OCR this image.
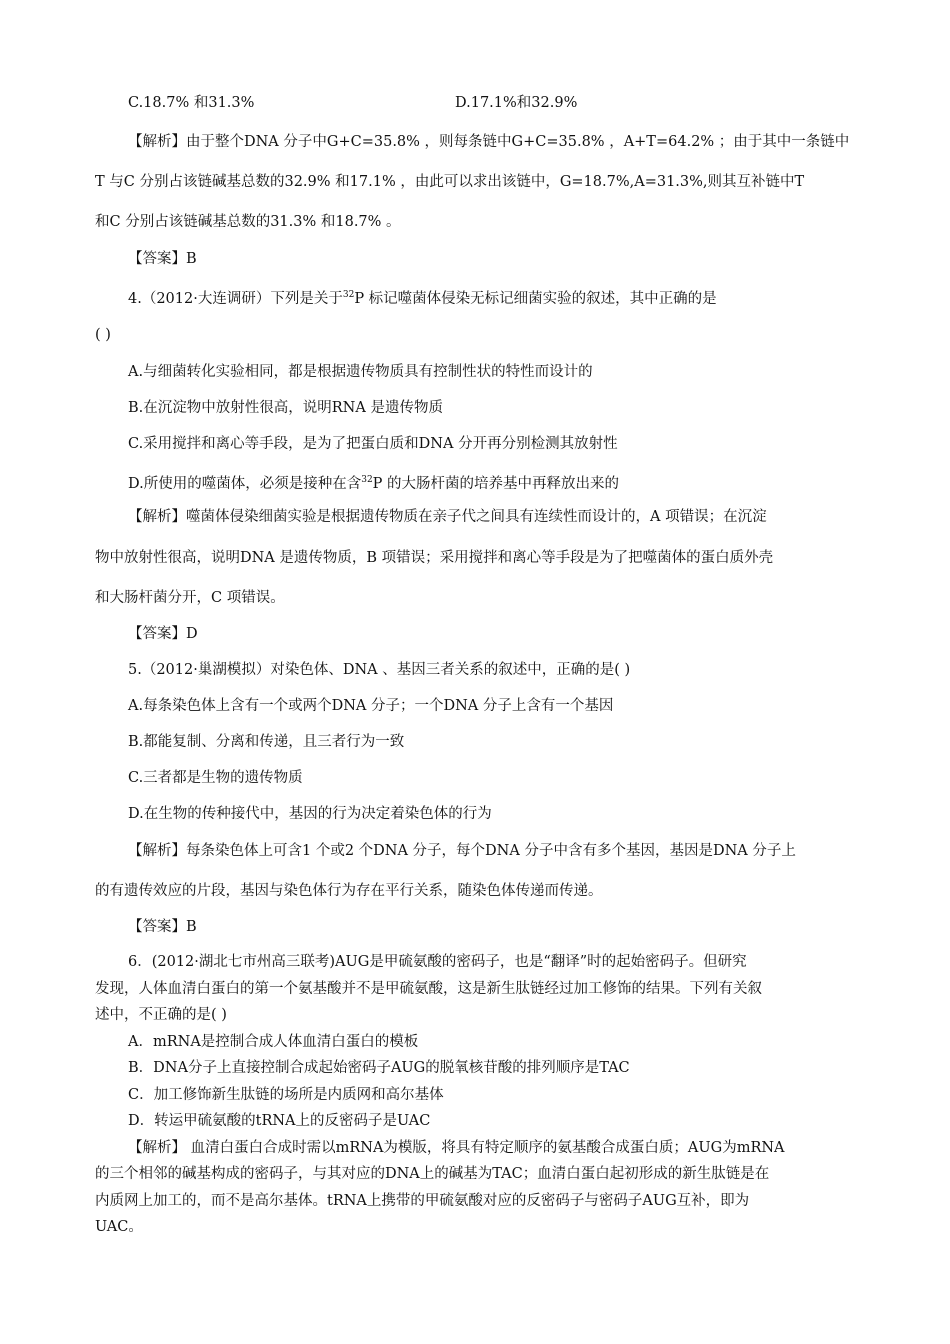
C.18.7% 和31.3%	D.17.1%和32.9%
【解析】由于整个DNA 分子中G+C=35.8% ，则每条链中G+C=35.8% ，A+T=64.2% ；由于其中一条链中
T 与C 分别占该链碱基总数的32.9% 和17.1% ，由此可以求出该链中，G=18.7%,A=31.3%,则其互补链中T
和C 分别占该链碱基总数的31.3% 和18.7% 。
【答案】B
4.（2012·大连调研）下列是关于$^{32}$P 标记噬菌体侵染无标记细菌实验的叙述，其中正确的是
( )
A.与细菌转化实验相同，都是根据遗传物质具有控制性状的特性而设计的
B.在沉淀物中放射性很高，说明RNA 是遗传物质
C.采用搅拌和离心等手段，是为了把蛋白质和DNA 分开再分别检测其放射性
D.所使用的噬菌体，必须是接种在含$^{32}$P 的大肠杆菌的培养基中再释放出来的
【解析】噬菌体侵染细菌实验是根据遗传物质在亲子代之间具有连续性而设计的，A 项错误；在沉淀
物中放射性很高，说明DNA 是遗传物质，B 项错误；采用搅拌和离心等手段是为了把噬菌体的蛋白质外壳
和大肠杆菌分开，C 项错误。
【答案】D
5.（2012·巢湖模拟）对染色体、DNA 、基因三者关系的叙述中，正确的是( )
A.每条染色体上含有一个或两个DNA 分子；一个DNA 分子上含有一个基因
B.都能复制、分离和传递，且三者行为一致
C.三者都是生物的遗传物质
D.在生物的传种接代中，基因的行为决定着染色体的行为
【解析】每条染色体上可含1 个或2 个DNA 分子，每个DNA 分子中含有多个基因，基因是DNA 分子上
的有遗传效应的片段，基因与染色体行为存在平行关系，随染色体传递而传递。
【答案】B
6．(2012·湖北七市州高三联考)AUG是甲硫氨酸的密码子，也是“翻译”时的起始密码子。但研究
发现，人体血清白蛋白的第一个氨基酸并不是甲硫氨酸，这是新生肽链经过加工修饰的结果。下列有关叙
述中，不正确的是( )
A．mRNA是控制合成人体血清白蛋白的模板
B．DNA分子上直接控制合成起始密码子AUG的脱氧核苷酸的排列顺序是TAC
C．加工修饰新生肽链的场所是内质网和高尔基体
D．转运甲硫氨酸的tRNA上的反密码子是UAC
【解析】 血清白蛋白合成时需以mRNA为模版，将具有特定顺序的氨基酸合成蛋白质；AUG为mRNA
的三个相邻的碱基构成的密码子，与其对应的DNA上的碱基为TAC；血清白蛋白起初形成的新生肽链是在
内质网上加工的，而不是高尔基体。tRNA上携带的甲硫氨酸对应的反密码子与密码子AUG互补，即为
UAC。
